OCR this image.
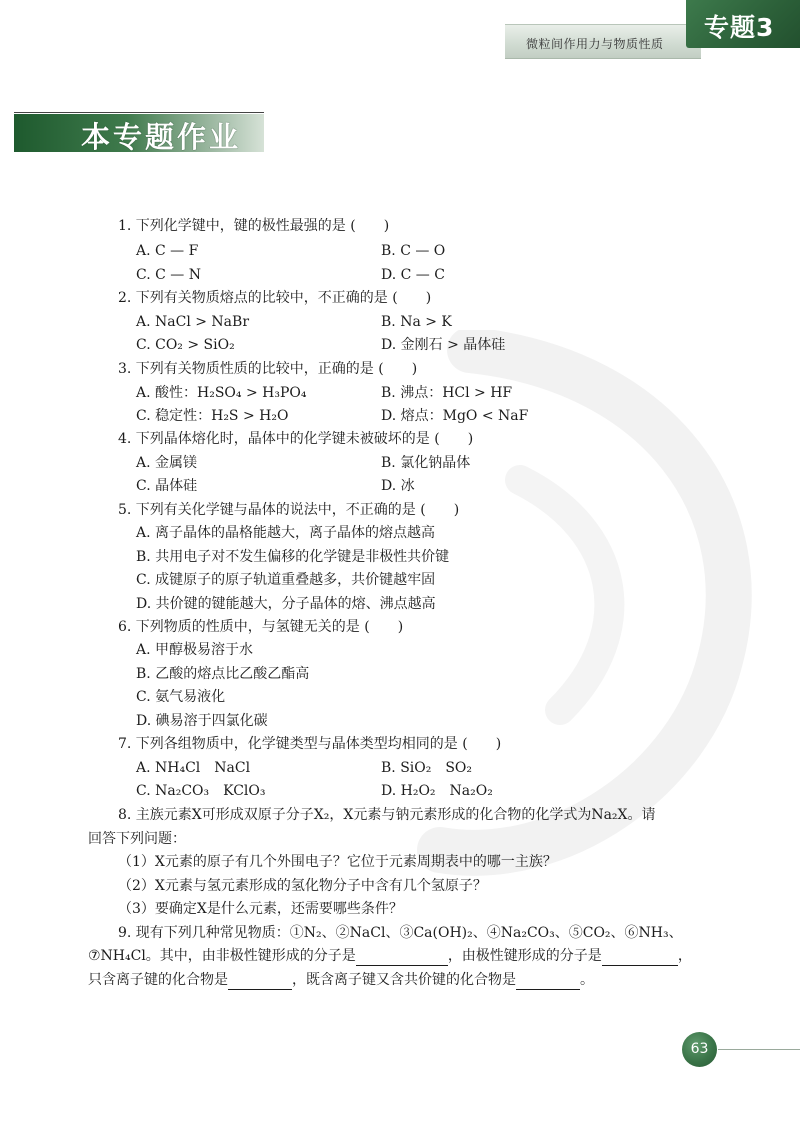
微粒间作用力与物质性质
专题3
本专题作业
1. 下列化学键中，键的极性最强的是 (　　)
A. C — F	B. C — O
C. C — N	D. C — C
2. 下列有关物质熔点的比较中，不正确的是 (　　)
A. NaCl > NaBr	B. Na > K
C. CO₂ > SiO₂	D. 金刚石 > 晶体硅
3. 下列有关物质性质的比较中，正确的是 (　　)
A. 酸性：H₂SO₄ > H₃PO₄	B. 沸点：HCl > HF
C. 稳定性：H₂S > H₂O	D. 熔点：MgO < NaF
4. 下列晶体熔化时，晶体中的化学键未被破坏的是 (　　)
A. 金属镁	B. 氯化钠晶体
C. 晶体硅	D. 冰
5. 下列有关化学键与晶体的说法中，不正确的是 (　　)
A. 离子晶体的晶格能越大，离子晶体的熔点越高
B. 共用电子对不发生偏移的化学键是非极性共价键
C. 成键原子的原子轨道重叠越多，共价键越牢固
D. 共价键的键能越大，分子晶体的熔、沸点越高
6. 下列物质的性质中，与氢键无关的是 (　　)
A. 甲醇极易溶于水
B. 乙酸的熔点比乙酸乙酯高
C. 氨气易液化
D. 碘易溶于四氯化碳
7. 下列各组物质中，化学键类型与晶体类型均相同的是 (　　)
A. NH₄Cl　NaCl	B. SiO₂　SO₂
C. Na₂CO₃　KClO₃	D. H₂O₂　Na₂O₂
8. 主族元素X可形成双原子分子X₂，X元素与钠元素形成的化合物的化学式为Na₂X。请
回答下列问题：
（1）X元素的原子有几个外围电子？它位于元素周期表中的哪一主族？
（2）X元素与氢元素形成的氢化物分子中含有几个氢原子？
（3）要确定X是什么元素，还需要哪些条件？
9. 现有下列几种常见物质：①N₂、②NaCl、③Ca(OH)₂、④Na₂CO₃、⑤CO₂、⑥NH₃、
⑦NH₄Cl。其中，由非极性键形成的分子是	，由极性键形成的分子是	，
只含离子键的化合物是	，既含离子键又含共价键的化合物是	。
63
